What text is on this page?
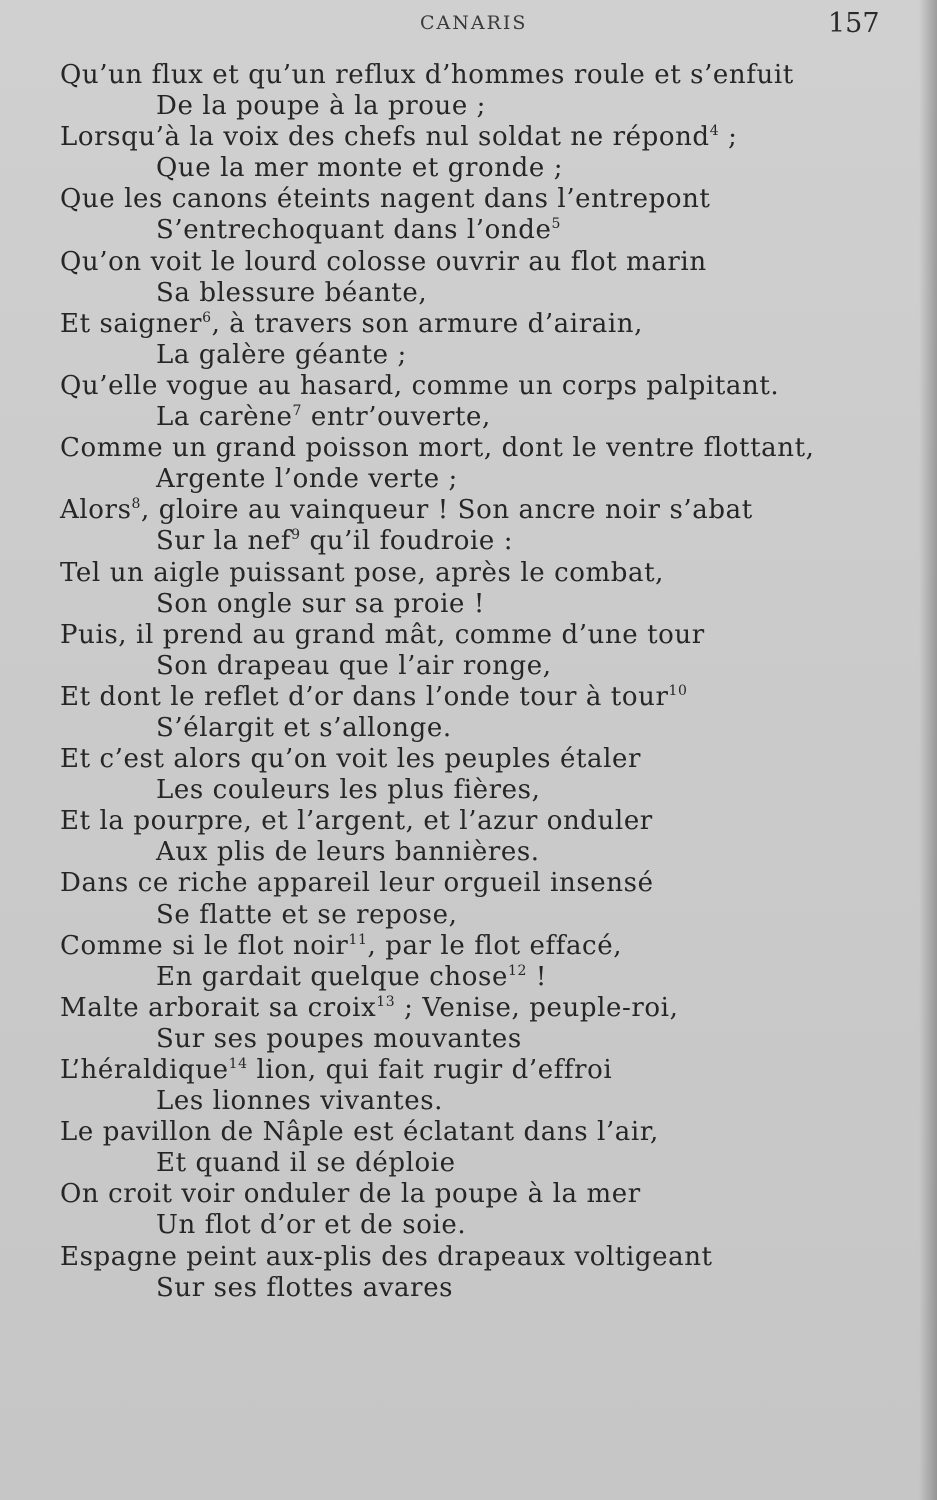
CANARIS	157
Qu’un flux et qu’un reflux d’hommes roule et s’enfuit
De la poupe à la proue ;
Lorsqu’à la voix des chefs nul soldat ne répond$^4$ ;
Que la mer monte et gronde ;
Que les canons éteints nagent dans l’entrepont
S’entrechoquant dans l’onde$^5$
Qu’on voit le lourd colosse ouvrir au flot marin
Sa blessure béante,
Et saigner$^6$, à travers son armure d’airain,
La galère géante ;
Qu’elle vogue au hasard, comme un corps palpitant.
La carène$^7$ entr’ouverte,
Comme un grand poisson mort, dont le ventre flottant,
Argente l’onde verte ;
Alors$^8$, gloire au vainqueur ! Son ancre noir s’abat
Sur la nef$^9$ qu’il foudroie :
Tel un aigle puissant pose, après le combat,
Son ongle sur sa proie !
Puis, il prend au grand mât, comme d’une tour
Son drapeau que l’air ronge,
Et dont le reflet d’or dans l’onde tour à tour$^{10}$
S’élargit et s’allonge.
Et c’est alors qu’on voit les peuples étaler
Les couleurs les plus fières,
Et la pourpre, et l’argent, et l’azur onduler
Aux plis de leurs bannières.
Dans ce riche appareil leur orgueil insensé
Se flatte et se repose,
Comme si le flot noir$^{11}$, par le flot effacé,
En gardait quelque chose$^{12}$ !
Malte arborait sa croix$^{13}$ ; Venise, peuple-roi,
Sur ses poupes mouvantes
L’héraldique$^{14}$ lion, qui fait rugir d’effroi
Les lionnes vivantes.
Le pavillon de Nâple est éclatant dans l’air,
Et quand il se déploie
On croit voir onduler de la poupe à la mer
Un flot d’or et de soie.
Espagne peint aux-plis des drapeaux voltigeant
Sur ses flottes avares
